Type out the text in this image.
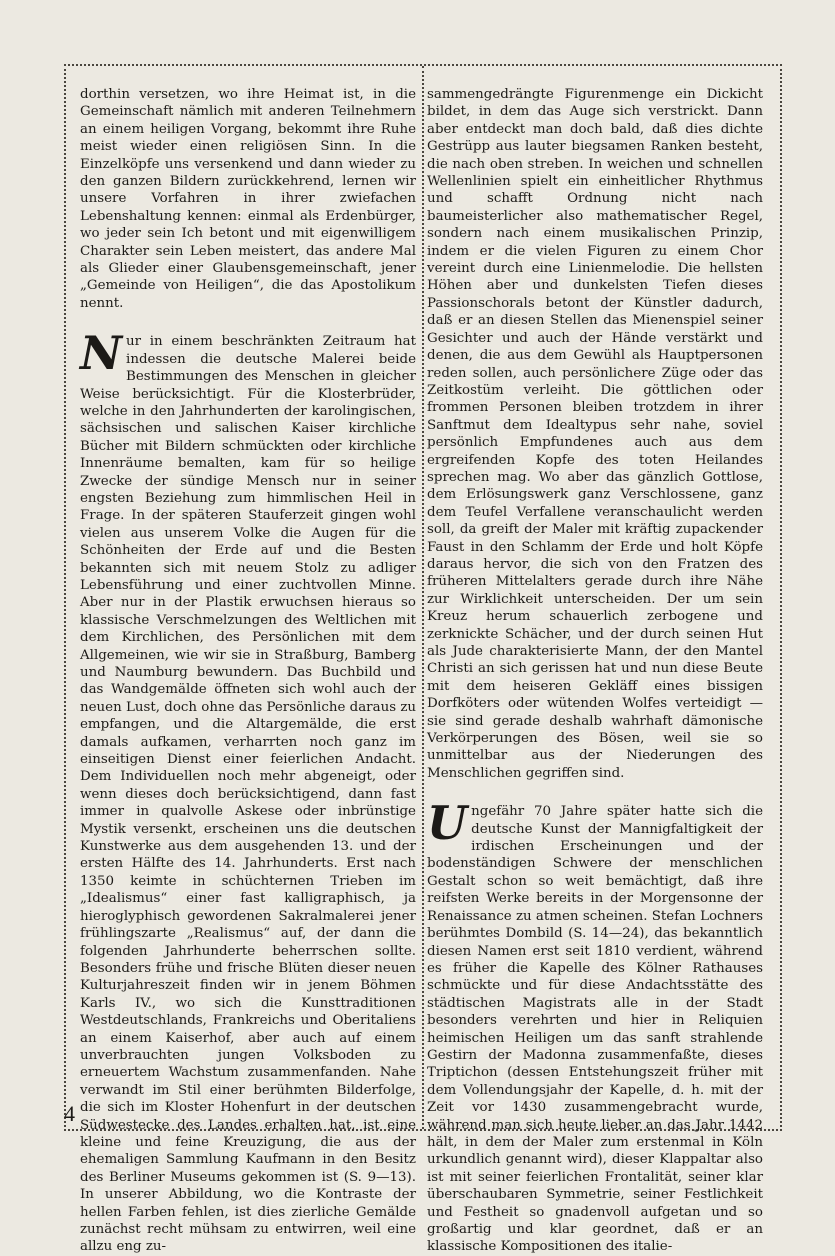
dorthin versetzen, wo ihre Heimat ist, in die Gemeinschaft nämlich mit anderen Teilnehmern an einem heiligen Vorgang, bekommt ihre Ruhe meist wieder einen religiösen Sinn. In die Einzelköpfe uns versenkend und dann wieder zu den ganzen Bildern zurückkehrend, lernen wir unsere Vorfahren in ihrer zwiefachen Lebenshaltung kennen: einmal als Erdenbürger, wo jeder sein Ich betont und mit eigenwilligem Charakter sein Leben meistert, das andere Mal als Glieder einer Glaubensgemeinschaft, jener „Gemeinde von Heiligen“, die das Apostolikum nennt.

Nur in einem beschränkten Zeitraum hat indessen die deutsche Malerei beide Bestimmungen des Menschen in gleicher Weise berücksichtigt. Für die Klosterbrüder, welche in den Jahrhunderten der karolingischen, sächsischen und salischen Kaiser kirchliche Bücher mit Bildern schmückten oder kirchliche Innenräume bemalten, kam für so heilige Zwecke der sündige Mensch nur in seiner engsten Beziehung zum himmlischen Heil in Frage. In der späteren Stauferzeit gingen wohl vielen aus unserem Volke die Augen für die Schönheiten der Erde auf und die Besten bekannten sich mit neuem Stolz zu adliger Lebensführung und einer zuchtvollen Minne. Aber nur in der Plastik erwuchsen hieraus so klassische Verschmelzungen des Weltlichen mit dem Kirchlichen, des Persönlichen mit dem Allgemeinen, wie wir sie in Straßburg, Bamberg und Naumburg bewundern. Das Buchbild und das Wandgemälde öffneten sich wohl auch der neuen Lust, doch ohne das Persönliche daraus zu empfangen, und die Altargemälde, die erst damals aufkamen, verharrten noch ganz im einseitigen Dienst einer feierlichen Andacht. Dem Individuellen noch mehr abgeneigt, oder wenn dieses doch berücksichtigend, dann fast immer in qualvolle Askese oder inbrünstige Mystik versenkt, erscheinen uns die deutschen Kunstwerke aus dem ausgehenden 13. und der ersten Hälfte des 14. Jahrhunderts. Erst nach 1350 keimte in schüchternen Trieben im „Idealismus“ einer fast kalligraphisch, ja hieroglyphisch gewordenen Sakralmalerei jener frühlingszarte „Realismus“ auf, der dann die folgenden Jahrhunderte beherrschen sollte. Besonders frühe und frische Blüten dieser neuen Kulturjahreszeit finden wir in jenem Böhmen Karls IV., wo sich die Kunsttraditionen Westdeutschlands, Frankreichs und Oberitaliens an einem Kaiserhof, aber auch auf einem unverbrauchten jungen Volksboden zu erneuertem Wachstum zusammenfanden. Nahe verwandt im Stil einer berühmten Bilderfolge, die sich im Kloster Hohenfurt in der deutschen Südwestecke des Landes erhalten hat, ist eine kleine und feine Kreuzigung, die aus der ehemaligen Sammlung Kaufmann in den Besitz des Berliner Museums gekommen ist (S. 9—13). In unserer Abbildung, wo die Kontraste der hellen Farben fehlen, ist dies zierliche Gemälde zunächst recht mühsam zu entwirren, weil eine allzu eng zu-

sammengedrängte Figurenmenge ein Dickicht bildet, in dem das Auge sich verstrickt. Dann aber entdeckt man doch bald, daß dies dichte Gestrüpp aus lauter biegsamen Ranken besteht, die nach oben streben. In weichen und schnellen Wellenlinien spielt ein einheitlicher Rhythmus und schafft Ordnung nicht nach baumeisterlicher also mathematischer Regel, sondern nach einem musikalischen Prinzip, indem er die vielen Figuren zu einem Chor vereint durch eine Linienmelodie. Die hellsten Höhen aber und dunkelsten Tiefen dieses Passionschorals betont der Künstler dadurch, daß er an diesen Stellen das Mienenspiel seiner Gesichter und auch der Hände verstärkt und denen, die aus dem Gewühl als Hauptpersonen reden sollen, auch persönlichere Züge oder das Zeitkostüm verleiht. Die göttlichen oder frommen Personen bleiben trotzdem in ihrer Sanftmut dem Idealtypus sehr nahe, soviel persönlich Empfundenes auch aus dem ergreifenden Kopfe des toten Heilandes sprechen mag. Wo aber das gänzlich Gottlose, dem Erlösungswerk ganz Verschlossene, ganz dem Teufel Verfallene veranschaulicht werden soll, da greift der Maler mit kräftig zupackender Faust in den Schlamm der Erde und holt Köpfe daraus hervor, die sich von den Fratzen des früheren Mittelalters gerade durch ihre Nähe zur Wirklichkeit unterscheiden. Der um sein Kreuz herum schauerlich zerbogene und zerknickte Schächer, und der durch seinen Hut als Jude charakterisierte Mann, der den Mantel Christi an sich gerissen hat und nun diese Beute mit dem heiseren Gekläff eines bissigen Dorfköters oder wütenden Wolfes verteidigt — sie sind gerade deshalb wahrhaft dämonische Verkörperungen des Bösen, weil sie so unmittelbar aus der Niederungen des Menschlichen gegriffen sind.

Ungefähr 70 Jahre später hatte sich die deutsche Kunst der Mannigfaltigkeit der irdischen Erscheinungen und der bodenständigen Schwere der menschlichen Gestalt schon so weit bemächtigt, daß ihre reifsten Werke bereits in der Morgensonne der Renaissance zu atmen scheinen. Stefan Lochners berühmtes Dombild (S. 14—24), das bekanntlich diesen Namen erst seit 1810 verdient, während es früher die Kapelle des Kölner Rathauses schmückte und für diese Andachtsstätte des städtischen Magistrats alle in der Stadt besonders verehrten und hier in Reliquien heimischen Heiligen um das sanft strahlende Gestirn der Madonna zusammenfaßte, dieses Triptichon (dessen Entstehungszeit früher mit dem Vollendungsjahr der Kapelle, d. h. mit der Zeit vor 1430 zusammengebracht wurde, während man sich heute lieber an das Jahr 1442 hält, in dem der Maler zum erstenmal in Köln urkundlich genannt wird), dieser Klappaltar also ist mit seiner feierlichen Frontalität, seiner klar überschaubaren Symmetrie, seiner Festlichkeit und Festheit so gnadenvoll aufgetan und so großartig und klar geordnet, daß er an klassische Kompositionen des italie-

4
